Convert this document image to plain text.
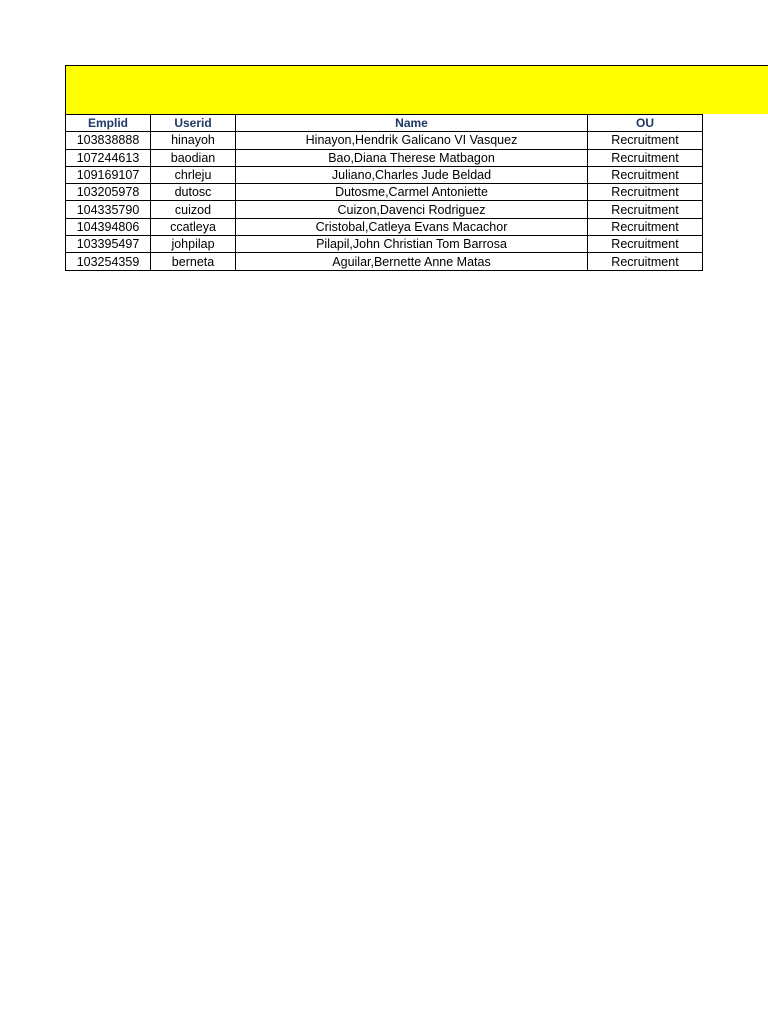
Emplid	Userid	Name	OU
103838888	hinayoh	Hinayon,Hendrik Galicano VI Vasquez	Recruitment
107244613	baodian	Bao,Diana Therese Matbagon	Recruitment
109169107	chrleju	Juliano,Charles Jude Beldad	Recruitment
103205978	dutosc	Dutosme,Carmel Antoniette	Recruitment
104335790	cuizod	Cuizon,Davenci Rodriguez	Recruitment
104394806	ccatleya	Cristobal,Catleya Evans Macachor	Recruitment
103395497	johpilap	Pilapil,John Christian Tom Barrosa	Recruitment
103254359	berneta	Aguilar,Bernette Anne Matas	Recruitment
